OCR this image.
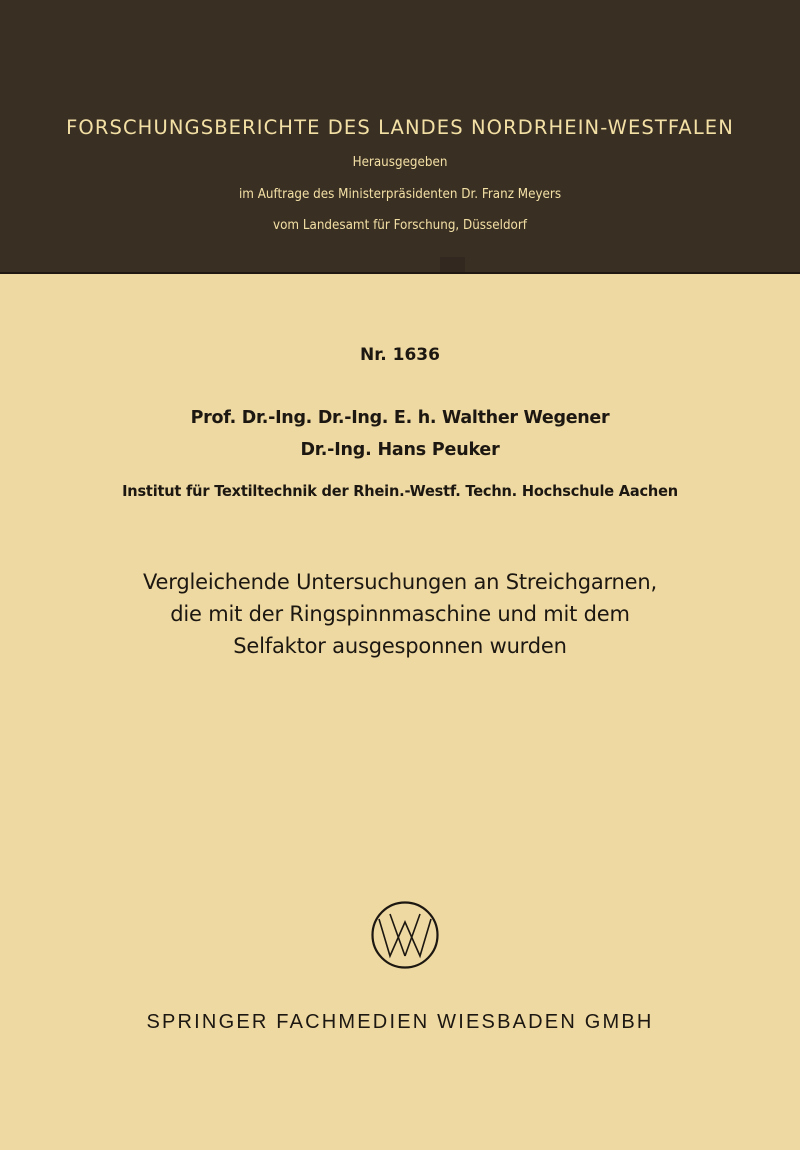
FORSCHUNGSBERICHTE DES LANDES NORDRHEIN-WESTFALEN
Herausgegeben
im Auftrage des Ministerpräsidenten Dr. Franz Meyers
vom Landesamt für Forschung, Düsseldorf
Nr. 1636
Prof. Dr.-Ing. Dr.-Ing. E. h. Walther Wegener
Dr.-Ing. Hans Peuker
Institut für Textiltechnik der Rhein.-Westf. Techn. Hochschule Aachen
Vergleichende Untersuchungen an Streichgarnen,
die mit der Ringspinnmaschine und mit dem
Selfaktor ausgesponnen wurden
SPRINGER FACHMEDIEN WIESBADEN GMBH
